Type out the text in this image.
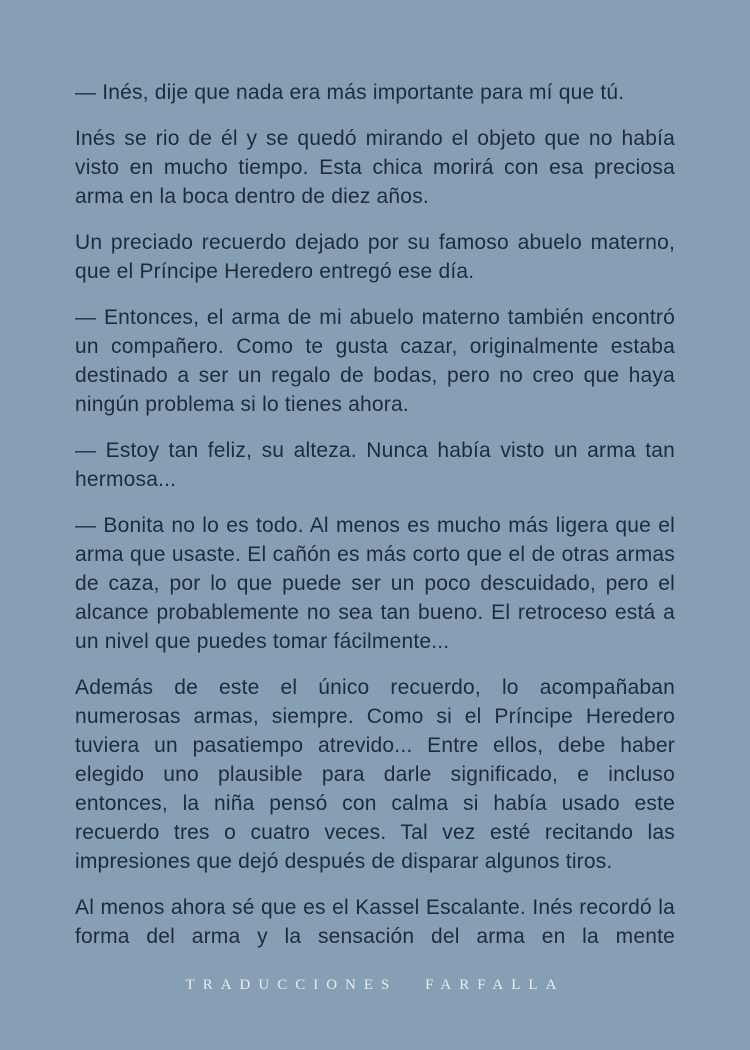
— Inés, dije que nada era más importante para mí que tú.

Inés se rio de él y se quedó mirando el objeto que no había visto en mucho tiempo. Esta chica morirá con esa preciosa arma en la boca dentro de diez años.

Un preciado recuerdo dejado por su famoso abuelo materno, que el Príncipe Heredero entregó ese día.

— Entonces, el arma de mi abuelo materno también encontró un compañero. Como te gusta cazar, originalmente estaba destinado a ser un regalo de bodas, pero no creo que haya ningún problema si lo tienes ahora.

— Estoy tan feliz, su alteza. Nunca había visto un arma tan hermosa...

— Bonita no lo es todo. Al menos es mucho más ligera que el arma que usaste. El cañón es más corto que el de otras armas de caza, por lo que puede ser un poco descuidado, pero el alcance probablemente no sea tan bueno. El retroceso está a un nivel que puedes tomar fácilmente...

Además de este el único recuerdo, lo acompañaban numerosas armas, siempre. Como si el Príncipe Heredero tuviera un pasatiempo atrevido... Entre ellos, debe haber elegido uno plausible para darle significado, e incluso entonces, la niña pensó con calma si había usado este recuerdo tres o cuatro veces. Tal vez esté recitando las impresiones que dejó después de disparar algunos tiros.

Al menos ahora sé que es el Kassel Escalante. Inés recordó la forma del arma y la sensación del arma en la mente

TRADUCCIONES FARFALLA
